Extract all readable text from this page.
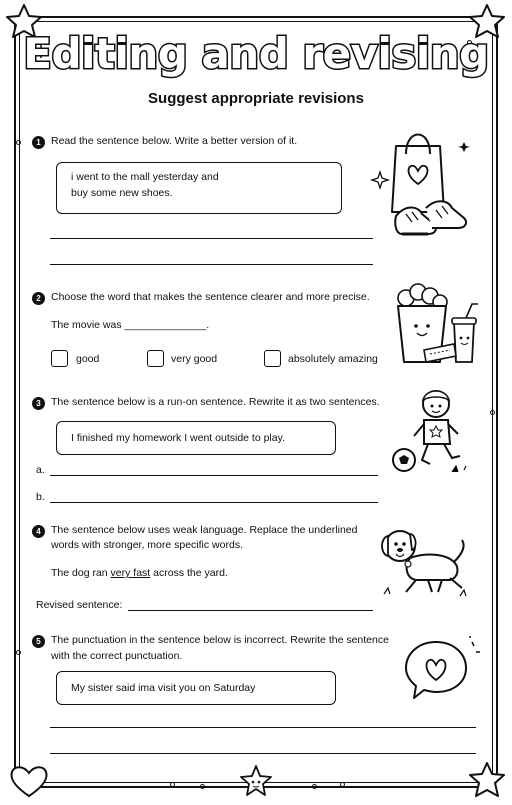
Editing and revising
Suggest appropriate revisions
1 Read the sentence below. Write a better version of it.
i went to the mall yesterday and
buy some new shoes.
2 Choose the word that makes the sentence clearer and more precise.
The movie was ______________.
good	very good	absolutely amazing
3 The sentence below is a run-on sentence. Rewrite it as two sentences.
I finished my homework I went outside to play.
a.
b.
4 The sentence below uses weak language. Replace the underlined
words with stronger, more specific words.
The dog ran very fast across the yard.
Revised sentence:
5 The punctuation in the sentence below is incorrect. Rewrite the sentence
with the correct punctuation.
My sister said ima visit you on Saturday
